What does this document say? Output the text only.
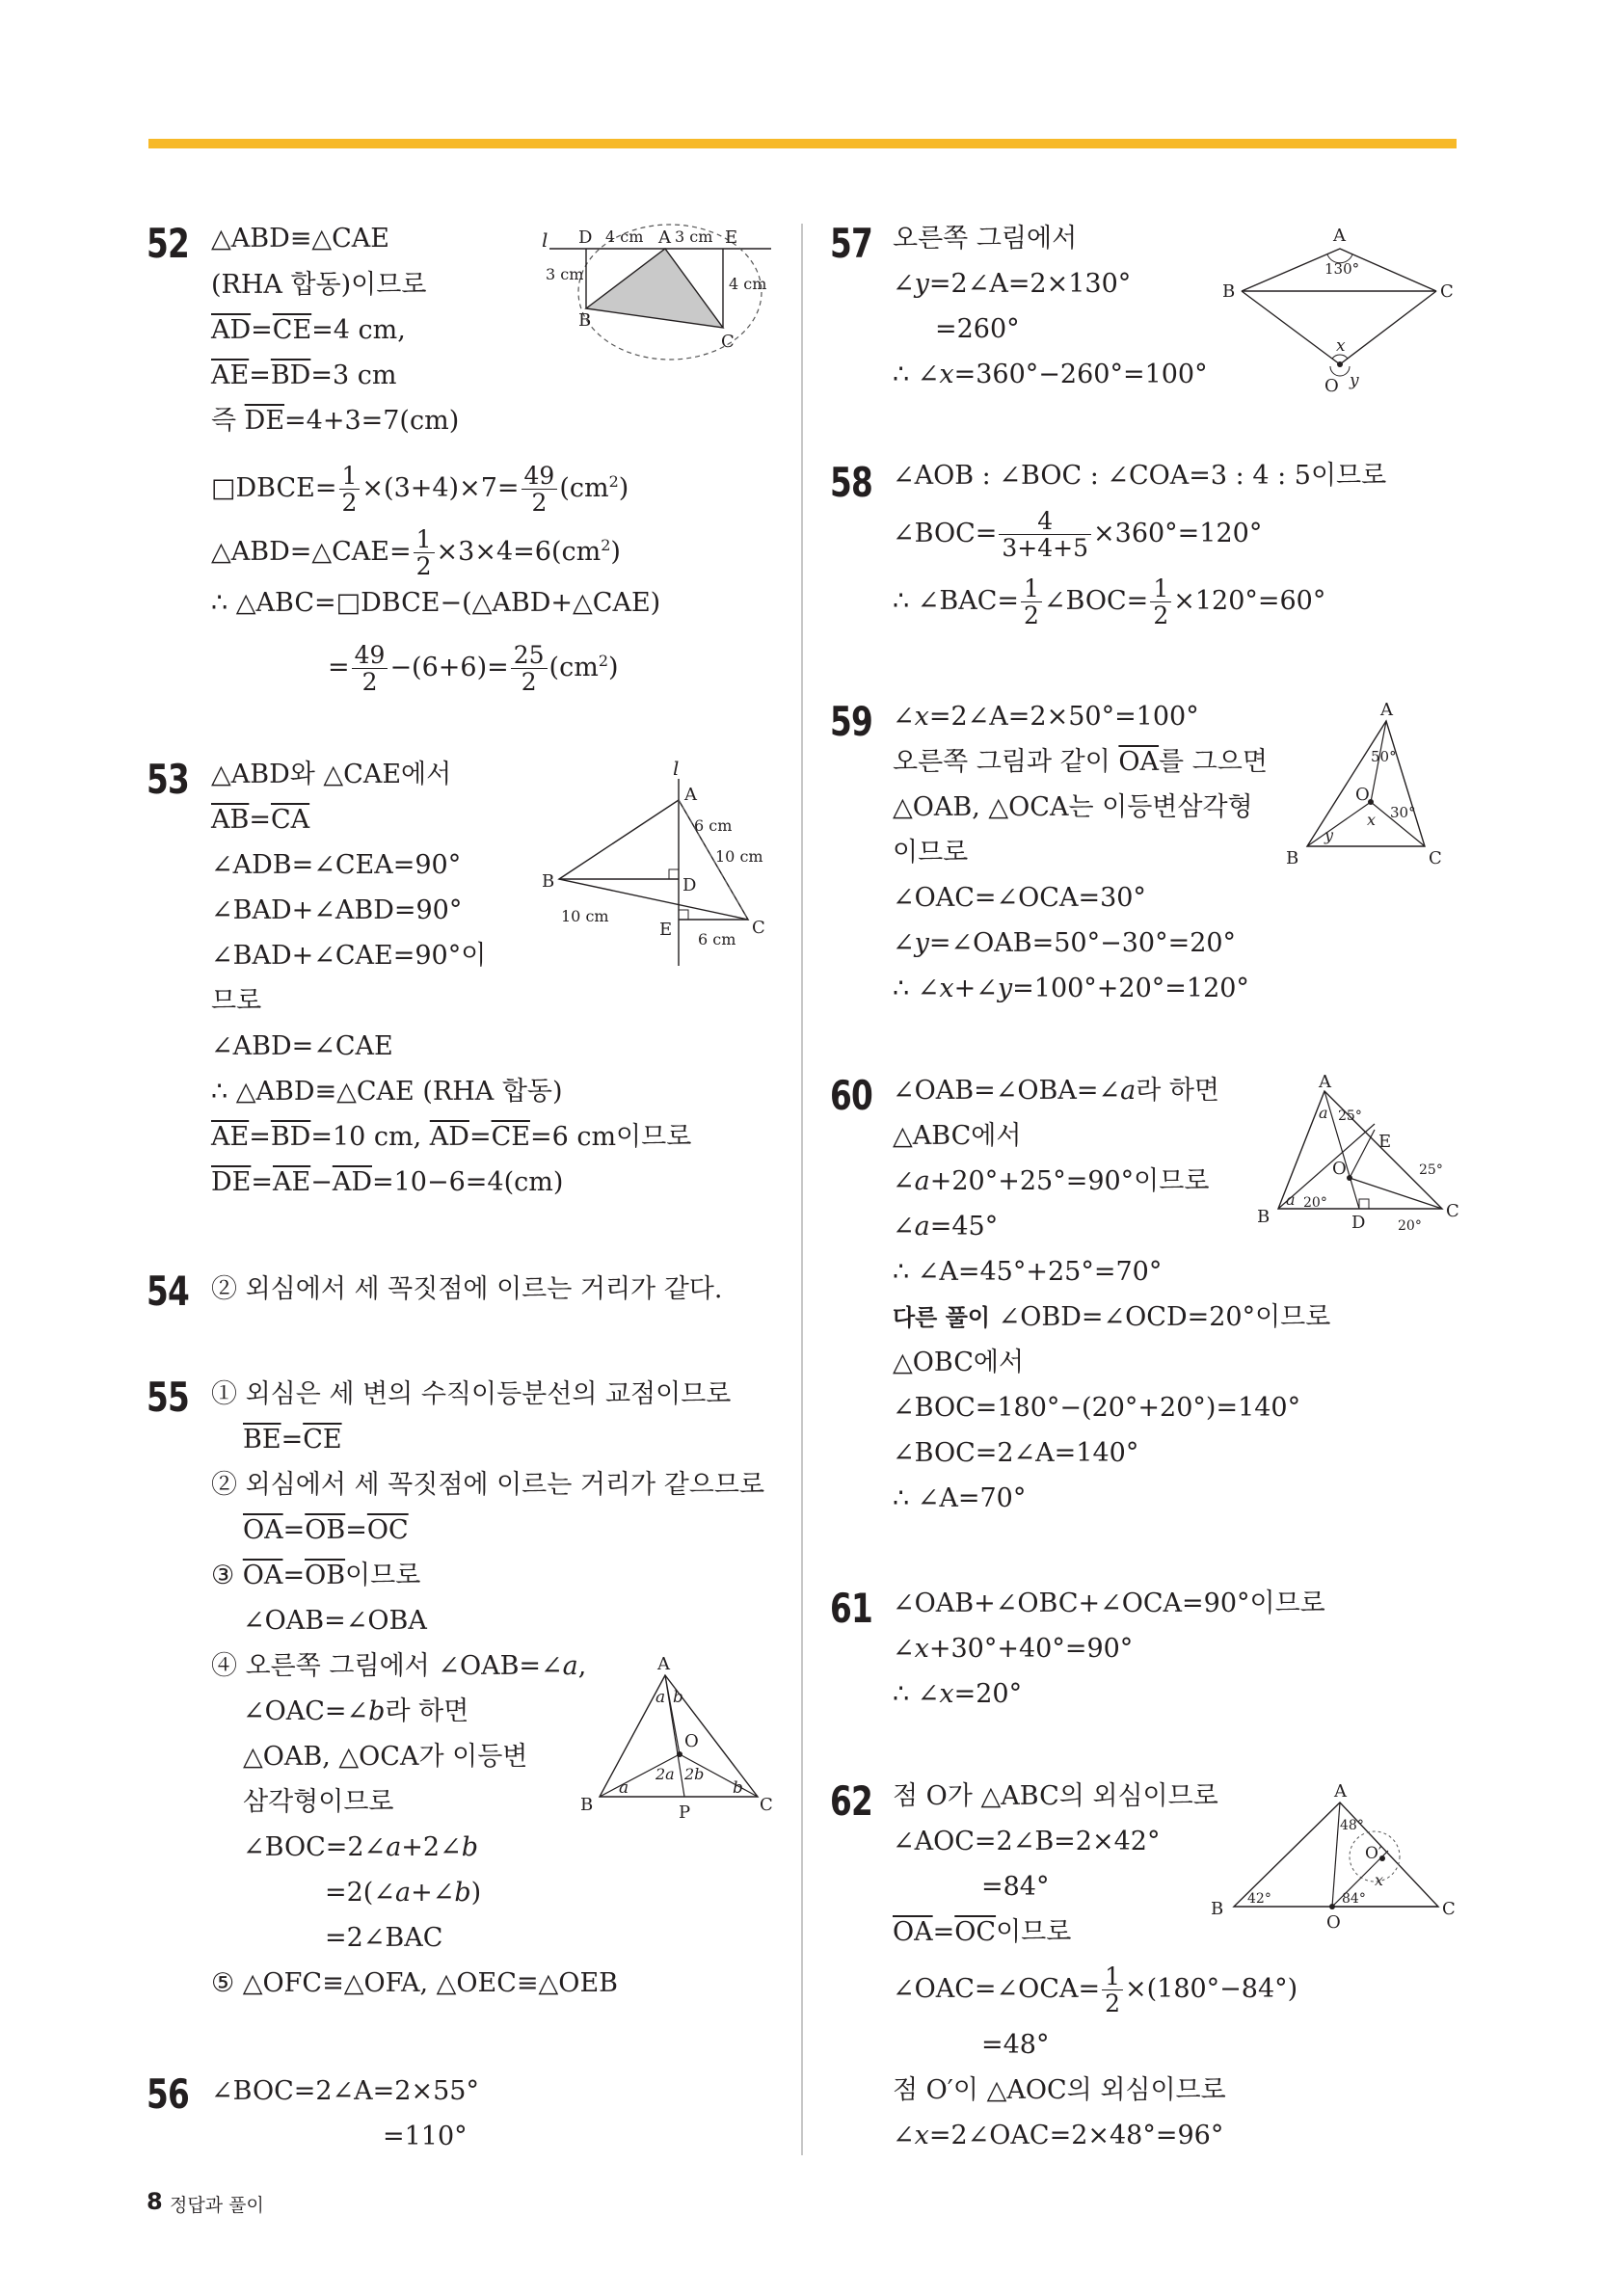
52 △ABD≡△CAE
(RHA 합동)이므로
$\overline{AD}=\overline{CE}=4$ cm,
$\overline{AE}=\overline{BD}=3$ cm
즉 $\overline{DE}=4+3=7(cm)$
□DBCE= $\frac{1}{2} \times(3+4)\times 7= \frac{49}{2} (cm^2)$
△ABD=△CAE= $\frac{1}{2} \times 3\times 4=6(cm^2)$
∴ △ABC=□DBCE−(△ABD+△CAE)
= $\frac{49}{2} -(6+6)= \frac{25}{2} (cm^2)$
l D	A	E
B
C
4 cm 3 cm
3 cm
4 cm
53 △ABD와 △CAE에서
$\overline{AB}=\overline{CA}$
∠ADB=∠CEA=90°
∠BAD+∠ABD=90°
∠BAD+∠CAE=90°이
므로
∠ABD=∠CAE
∴ △ABD≡△CAE (RHA 합동)
$\overline{AE}=\overline{BD}=10$ cm, $\overline{AD}=\overline{CE}=6$ cm이므로
$\overline{DE}=\overline{AE}-\overline{AD}=10-6=4(cm)$
l
A
B
C
D
E
6 cm
10 cm
10 cm
6 cm
54 ② 외심에서 세 꼭짓점에 이르는 거리가 같다.
55 ① 외심은 세 변의 수직이등분선의 교점이므로
$\overline{BE}=\overline{CE}$
② 외심에서 세 꼭짓점에 이르는 거리가 같으므로
$\overline{OA}=\overline{OB}=\overline{OC}$
③ $\overline{OA}=\overline{OB}$이므로
∠OAB=∠OBA
④ 오른쪽 그림에서 ∠OAB=∠a,
∠OAC=∠b라 하면
△OAB, △OCA가 이등변
삼각형이므로
∠BOC=2∠a+2∠b
=2(∠a+∠b)
=2∠BAC
⑤ △OFC≡△OFA, △OEC≡△OEB
A
B	C
O
P
a b
a	b
2a 2b
56 ∠BOC=2∠A=2×55°
=110°
57 오른쪽 그림에서
∠y=2∠A=2×130°
=260°
∴ ∠x=360°−260°=100°
A
B	C
O
130°
x
y
58 ∠AOB : ∠BOC : ∠COA=3 : 4 : 5이므로
∠BOC= $\frac{4}{3+4+5} \times 360^\circ=120^\circ$
∴ ∠BAC= $\frac{1}{2}$ ∠BOC= $\frac{1}{2} \times 120^\circ=60^\circ$
59 ∠x=2∠A=2×50°=100°
오른쪽 그림과 같이 $\overline{OA}$를 그으면
△OAB, △OCA는 이등변삼각형
이므로
∠OAC=∠OCA=30°
∠y=∠OAB=50°−30°=20°
∴ ∠x+∠y=100°+20°=120°
A
B	C
O
50°
30°
x
y
60 ∠OAB=∠OBA=∠a라 하면
△ABC에서
∠a+20°+25°=90°이므로
∠a=45°
∴ ∠A=45°+25°=70°
다른 풀이 ∠OBD=∠OCD=20°이므로
△OBC에서
∠BOC=180°−(20°+20°)=140°
∠BOC=2∠A=140°
∴ ∠A=70°
A
B	C
D
E
O
a
a
25°
25°
20°
20°
61 ∠OAB+∠OBC+∠OCA=90°이므로
∠x+30°+40°=90°
∴ ∠x=20°
62 점 O가 △ABC의 외심이므로
∠AOC=2∠B=2×42°
=84°
$\overline{OA}=\overline{OC}$이므로
∠OAC=∠OCA= $\frac{1}{2} \times(180^\circ-84^\circ)$
=48°
점 O′이 △AOC의 외심이므로
∠x=2∠OAC=2×48°=96°
A
B	C
O
O′
42°
48°
84°
x
8 정답과 풀이
